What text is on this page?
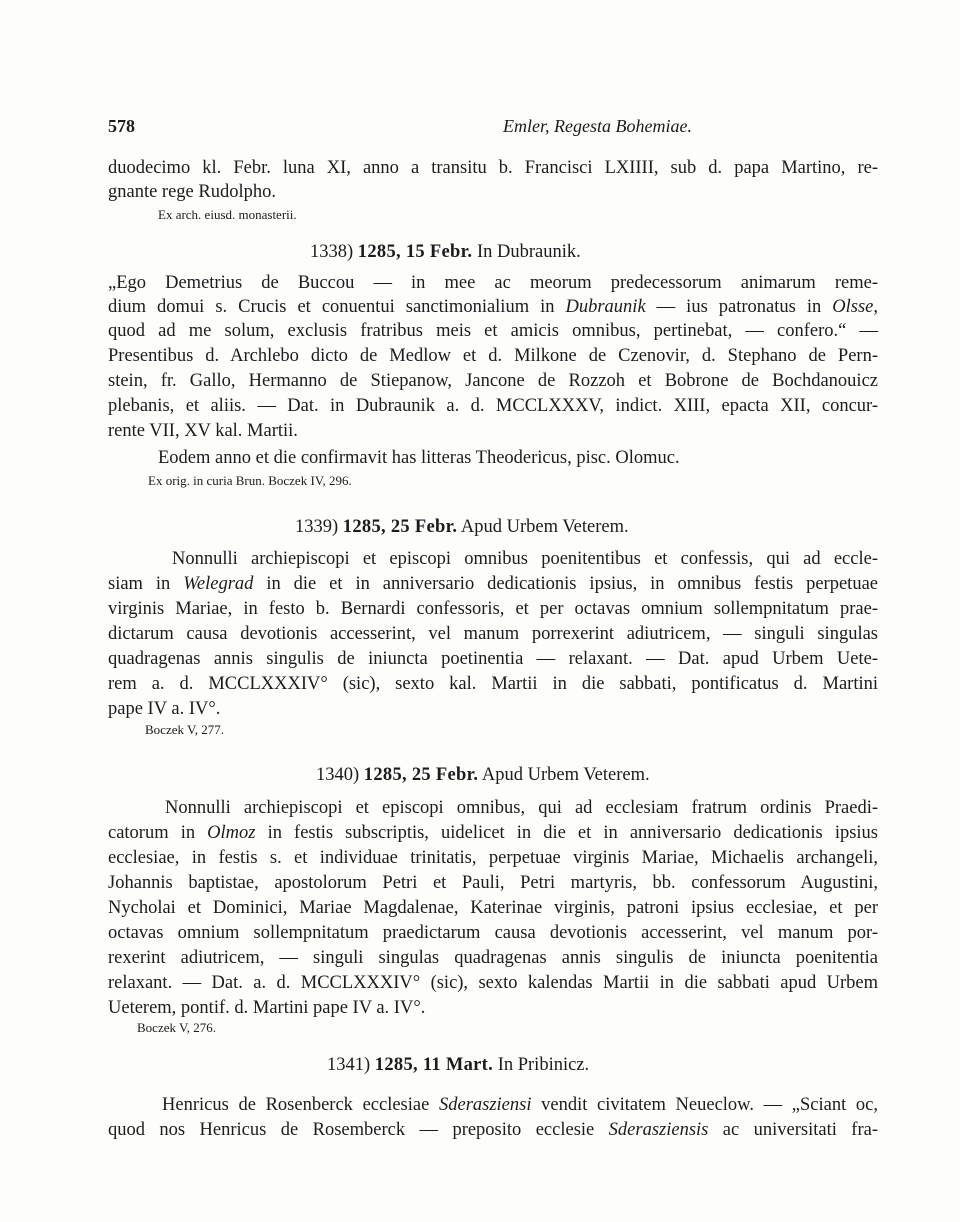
578	Emler, Regesta Bohemiae.
duodecimo kl. Febr. luna XI, anno a transitu b. Francisci LXIIII, sub d. papa Martino, re-
gnante rege Rudolpho.
Ex arch. eiusd. monasterii.
1338) 1285, 15 Febr. In Dubraunik.
„Ego Demetrius de Buccou — in mee ac meorum predecessorum animarum reme-
dium domui s. Crucis et conuentui sanctimonialium in Dubraunik — ius patronatus in Olsse,
quod ad me solum, exclusis fratribus meis et amicis omnibus, pertinebat, — confero.“ —
Presentibus d. Archlebo dicto de Medlow et d. Milkone de Czenovir, d. Stephano de Pern-
stein, fr. Gallo, Hermanno de Stiepanow, Jancone de Rozzoh et Bobrone de Bochdanouicz
plebanis, et aliis. — Dat. in Dubraunik a. d. MCCLXXXV, indict. XIII, epacta XII, concur-
rente VII, XV kal. Martii.
Eodem anno et die confirmavit has litteras Theodericus, pisc. Olomuc.
Ex orig. in curia Brun. Boczek IV, 296.
1339) 1285, 25 Febr. Apud Urbem Veterem.
Nonnulli archiepiscopi et episcopi omnibus poenitentibus et confessis, qui ad eccle-
siam in Welegrad in die et in anniversario dedicationis ipsius, in omnibus festis perpetuae
virginis Mariae, in festo b. Bernardi confessoris, et per octavas omnium sollempnitatum prae-
dictarum causa devotionis accesserint, vel manum porrexerint adiutricem, — singuli singulas
quadragenas annis singulis de iniuncta poetinentia — relaxant. — Dat. apud Urbem Uete-
rem a. d. MCCLXXXIV° (sic), sexto kal. Martii in die sabbati, pontificatus d. Martini
pape IV a. IV°.
Boczek V, 277.
1340) 1285, 25 Febr. Apud Urbem Veterem.
Nonnulli archiepiscopi et episcopi omnibus, qui ad ecclesiam fratrum ordinis Praedi-
catorum in Olmoz in festis subscriptis, uidelicet in die et in anniversario dedicationis ipsius
ecclesiae, in festis s. et individuae trinitatis, perpetuae virginis Mariae, Michaelis archangeli,
Johannis baptistae, apostolorum Petri et Pauli, Petri martyris, bb. confessorum Augustini,
Nycholai et Dominici, Mariae Magdalenae, Katerinae virginis, patroni ipsius ecclesiae, et per
octavas omnium sollempnitatum praedictarum causa devotionis accesserint, vel manum por-
rexerint adiutricem, — singuli singulas quadragenas annis singulis de iniuncta poenitentia
relaxant. — Dat. a. d. MCCLXXXIV° (sic), sexto kalendas Martii in die sabbati apud Urbem
Ueterem, pontif. d. Martini pape IV a. IV°.
Boczek V, 276.
1341) 1285, 11 Mart. In Pribinicz.
Henricus de Rosenberck ecclesiae Sderasziensi vendit civitatem Neueclow. — „Sciant oc,
quod nos Henricus de Rosemberck — preposito ecclesie Sderasziensis ac universitati fra-
